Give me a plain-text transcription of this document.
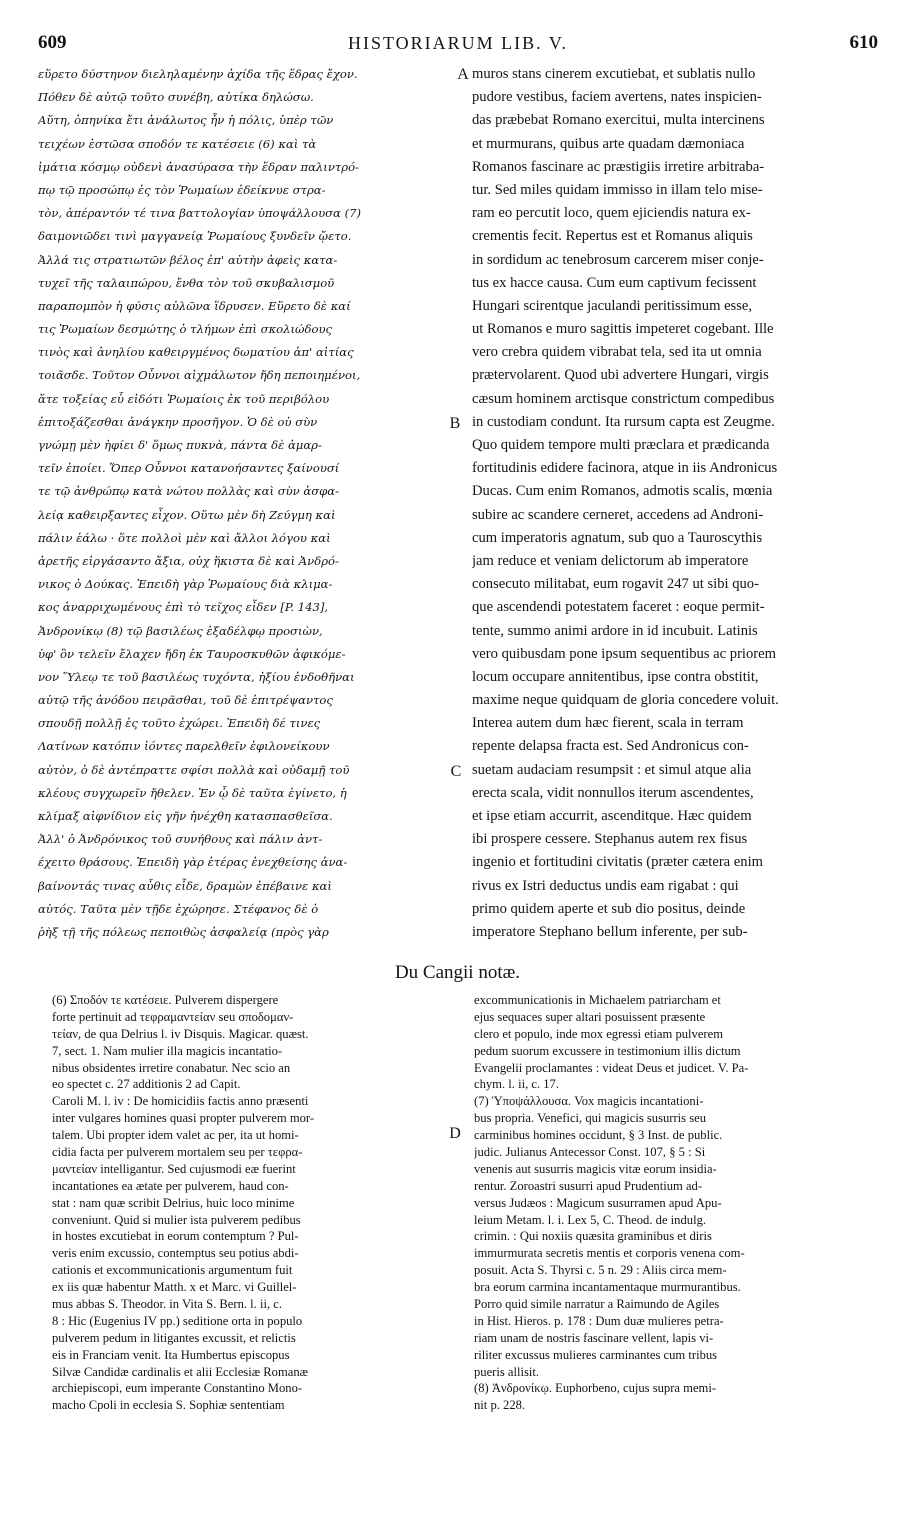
609	HISTORIARUM LIB. V.	610
εὕρετο δύστηνον διεληλαμένην ἀχίδα τῆς ἕδρας ἔχον.
Πόθεν δὲ αὐτῷ τοῦτο συνέβη, αὐτίκα δηλώσω.
Αὕτη, ὁπηνίκα ἔτι ἀνάλωτος ἦν ἡ πόλις, ὑπὲρ τῶν
τειχέων ἑστῶσα σποδόν τε κατέσειε (6) καὶ τὰ
ἱμάτια κόσμῳ οὐδενὶ ἀνασύρασα τὴν ἕδραν παλιντρό-
πῳ τῷ προσώπῳ ἐς τὸν Ῥωμαίων ἐδείκνυε στρα-
τὸν, ἀπέραντόν τέ τινα βαττολογίαν ὑποψάλλουσα (7)
δαιμονιῶδει τινὶ μαγγανείᾳ Ῥωμαίους ξυνδεῖν ᾤετο.
Ἀλλά τις στρατιωτῶν βέλος ἐπ' αὐτὴν ἀφεὶς κατα-
τυχεῖ τῆς ταλαιπώρου, ἔνθα τὸν τοῦ σκυβαλισμοῦ
παραπομπὸν ἡ φύσις αὐλῶνα ἵδρυσεν. Εὕρετο δὲ καί
τις Ῥωμαίων δεσμώτης ὁ τλήμων ἐπὶ σκολιώδους
τινὸς καὶ ἀνηλίου καθειργμένος δωματίου ἀπ' αἰτίας
τοιᾶσδε. Τοῦτον Οὖννοι αἰχμάλωτον ἤδη πεποιημένοι,
ἅτε τοξείας εὖ εἰδότι Ῥωμαίοις ἐκ τοῦ περιβόλου
ἐπιτοξάζεσθαι ἀνάγκην προσῆγον. Ὁ δὲ οὐ σὺν
γνώμῃ μὲν ἠφίει δ' ὅμως πυκνὰ, πάντα δὲ ἁμαρ-
τεῖν ἐποίει. Ὅπερ Οὖννοι κατανοήσαντες ξαίνουσί
τε τῷ ἀνθρώπῳ κατὰ νώτου πολλὰς καὶ σὺν ἀσφα-
λείᾳ καθειρξαντες εἶχον. Οὕτω μὲν δὴ Ζεύγμη καὶ
πάλιν ἑάλω · ὅτε πολλοὶ μὲν καὶ ἄλλοι λόγου καὶ
ἀρετῆς εἰργάσαντο ἄξια, οὐχ ἥκιστα δὲ καὶ Ἀνδρό-
νικος ὁ Δούκας. Ἐπειδὴ γὰρ Ῥωμαίους διὰ κλιμα-
κος ἀναρριχωμένους ἐπὶ τὸ τεῖχος εἶδεν [P. 143],
Ἀνδρονίκῳ (8) τῷ βασιλέως ἐξαδέλφῳ προσιὼν,
ὑφ' ὃν τελεῖν ἔλαχεν ἤδη ἐκ Ταυροσκυθῶν ἀφικόμε-
νον Ὕλεῳ τε τοῦ βασιλέως τυχόντα, ἠξίου ἐνδοθῆναι
αὐτῷ τῆς ἀνόδου πειρᾶσθαι, τοῦ δὲ ἐπιτρέψαντος
σπουδῇ πολλῇ ἐς τοῦτο ἐχώρει. Ἐπειδὴ δέ τινες
Λατίνων κατόπιν ἰόντες παρελθεῖν ἐφιλονείκουν
αὐτὸν, ὁ δὲ ἀντέπραττε σφίσι πολλὰ καὶ οὐδαμῇ τοῦ
κλέους συγχωρεῖν ἤθελεν. Ἐν ᾧ δὲ ταῦτα ἐγίνετο, ἡ
κλίμαξ αἰφνίδιον εἰς γῆν ἠνέχθη κατασπασθεῖσα.
Ἀλλ' ὁ Ἀνδρόνικος τοῦ συνήθους καὶ πάλιν ἀντ-
έχειτο θράσους. Ἐπειδὴ γὰρ ἑτέρας ἐνεχθείσης ἀνα-
βαίνοντάς τινας αὖθις εἶδε, δραμὼν ἐπέβαινε καὶ
αὐτός. Ταῦτα μὲν τῇδε ἐχώρησε. Στέφανος δὲ ὁ
ῥὴξ τῇ τῆς πόλεως πεποιθὼς ἀσφαλείᾳ (πρὸς γὰρ
muros stans cinerem excutiebat, et sublatis nullo
pudore vestibus, faciem avertens, nates inspicien-
das præbebat Romano exercitui, multa intercinens
et murmurans, quibus arte quadam dæmoniaca
Romanos fascinare ac præstigiis irretire arbitraba-
tur. Sed miles quidam immisso in illam telo mise-
ram eo percutit loco, quem ejiciendis natura ex-
crementis fecit. Repertus est et Romanus aliquis
in sordidum ac tenebrosum carcerem miser conje-
tus ex hacce causa. Cum eum captivum fecissent
Hungari scirentque jaculandi peritissimum esse,
ut Romanos e muro sagittis impeteret cogebant. Ille
vero crebra quidem vibrabat tela, sed ita ut omnia
prætervolarent. Quod ubi advertere Hungari, virgis
cæsum hominem arctisque constrictum compedibus
in custodiam condunt. Ita rursum capta est Zeugme.
Quo quidem tempore multi præclara et prædicanda
fortitudinis ediderе facinora, atque in iis Andronicus
Ducas. Cum enim Romanos, admotis scalis, mœnia
subire ac scandere cerneret, accedens ad Androni-
cum imperatoris agnatum, sub quo a Tauroscythis
jam reduce et veniam delictorum ab imperatore
consecuto militabat, eum rogavit 247 ut sibi quo-
que ascendendi potestatem faceret : eoque permit-
tente, summo animi ardore in id incubuit. Latinis
vero quibusdam pone ipsum sequentibus ac priorem
locum occupare annitentibus, ipse contra obstitit,
maxime neque quidquam de gloria concedere voluit.
Interea autem dum hæc fierent, scala in terram
repente delapsa fracta est. Sed Andronicus con-
suetam audaciam resumpsit : et simul atque alia
erecta scala, vidit nonnullos iterum ascendentes,
et ipse etiam accurrit, ascenditque. Hæc quidem
ibi prospere cessere. Stephanus autem rex fisus
ingenio et fortitudini civitatis (præter cætera enim
rivus ex Istri deductus undis eam rigabat : qui
primo quidem aperte et sub dio positus, deinde
imperatore Stephano bellum inferente, per sub-
A
B
C
D
Du Cangii notæ.
(6) Σποδόν τε κατέσειε. Pulverem dispergere
forte pertinuit ad τεφραμαντείαν seu σποδομαν-
τείαν, de qua Delrius l. iv Disquis. Magicar. quæst.
7, sect. 1. Nam mulier illa magicis incantatio-
nibus obsidentes irretire conabatur. Nec scio an
eo spectet c. 27 additionis 2 ad Capit.
Caroli M. l. iv : De homicidiis factis anno præsenti
inter vulgares homines quasi propter pulverem mor-
talem. Ubi propter idem valet ac per, ita ut homi-
cidia facta per pulverem mortalem seu per τεφρα-
μαντείαν intelligantur. Sed cujusmodi eæ fuerint
incantationes ea ætate per pulverem, haud con-
stat : nam quæ scribit Delrius, huic loco minime
conveniunt. Quid si mulier ista pulverem pedibus
in hostes excutiebat in eorum contemptum ? Pul-
veris enim excussio, contemptus seu potius abdi-
cationis et excommunicationis argumentum fuit
ex iis quæ habentur Matth. x et Marc. vi Guillel-
mus abbas S. Theodor. in Vita S. Bern. l. ii, c.
8 : Hic (Eugenius IV pp.) seditione orta in populo
pulverem pedum in litigantes excussit, et relictis
eis in Franciam venit. Ita Humbertus episcopus
Silvæ Candidæ cardinalis et alii Ecclesiæ Romanæ
archiepiscopi, eum imperante Constantino Mono-
macho Cpoli in ecclesia S. Sophiæ sententiam
excommunicationis in Michaelem patriarcham et
ejus sequaces super altari posuissent præsente
clero et populo, inde mox egressi etiam pulverem
pedum suorum excussere in testimonium illis dictum
Evangelii proclamantes : videat Deus et judicet. V. Pa-
chym. l. ii, c. 17.
(7) Ὑποψάλλουσα. Vox magicis incantationi-
bus propria. Venefici, qui magicis susurris seu
carminibus homines occidunt, § 3 Inst. de public.
judic. Julianus Antecessor Const. 107, § 5 : Si
venenis aut susurris magicis vitæ eorum insidia-
rentur. Zoroastri susurri apud Prudentium ad-
versus Judæos : Magicum susurramen apud Apu-
leium Metam. l. i. Lex 5, C. Theod. de indulg.
crimin. : Qui noxiis quæsita graminibus et diris
immurmurata secretis mentis et corporis venena com-
posuit. Acta S. Thyrsi c. 5 n. 29 : Aliis circa mem-
bra eorum carmina incantamentaque murmurantibus.
Porro quid simile narratur a Raimundo de Agiles
in Hist. Hieros. p. 178 : Dum duæ mulieres petra-
riam unam de nostris fascinare vellent, lapis vi-
riliter excussus mulieres carminantes cum tribus
pueris allisit.
(8) Ἀνδρονίκῳ. Euphorbeno, cujus supra memi-
nit p. 228.
